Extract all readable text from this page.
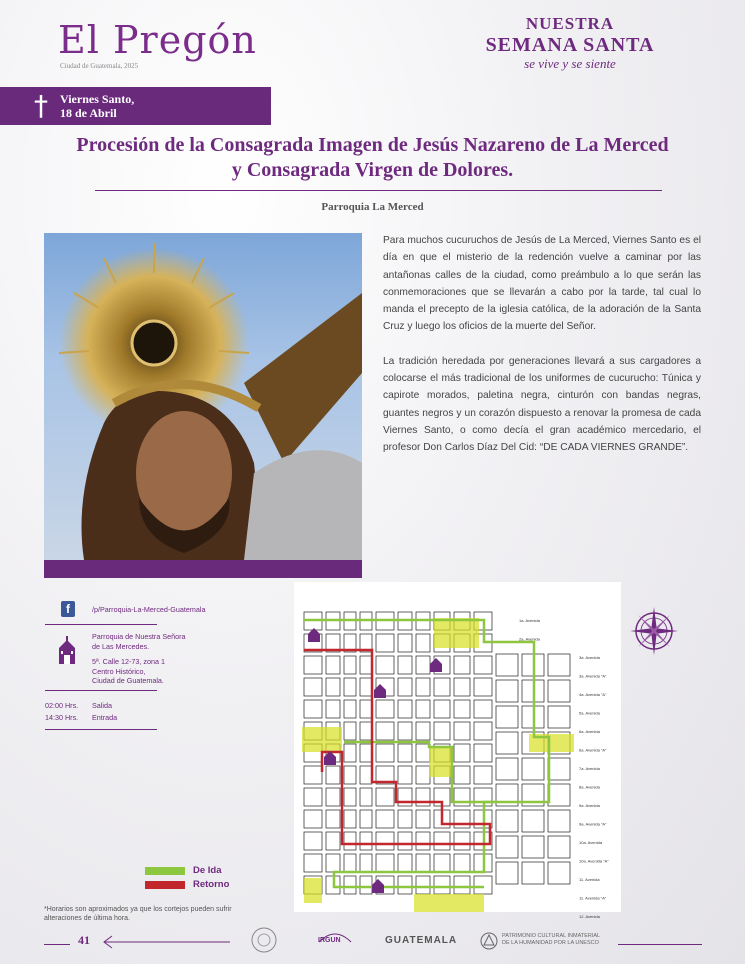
El Pregón
Ciudad de Guatemala, 2025
NUESTRA
SEMANA SANTA
se vive y se siente
† Viernes Santo,
18 de Abril
Procesión de la Consagrada Imagen de Jesús Nazareno de La Merced y Consagrada Virgen de Dolores.
Parroquia La Merced

Para muchos cucuruchos de Jesús de La Merced, Viernes Santo es el día en que el misterio de la redención vuelve a caminar por las antañonas calles de la ciudad, como preámbulo a lo que serán las conmemoraciones que se llevarán a cabo por la tarde, tal cual lo manda el precepto de la iglesia católica, de la adoración de la Santa Cruz y luego los oficios de la muerte del Señor.

La tradición heredada por generaciones llevará a sus cargadores a colocarse el más tradicional de los uniformes de cucurucho: Túnica y capirote morados, paletina negra, cinturón con bandas negras, guantes negros y un corazón dispuesto a renovar la promesa de cada Viernes Santo, o como decía el gran académico mercedario, el profesor Don Carlos Díaz Del Cid: “DE CADA VIERNES GRANDE”.

f	/p/Parroquia-La-Merced-Guatemala
Parroquia de Nuestra Señora
de Las Mercedes.
5ª. Calle 12-73, zona 1
Centro Histórico,
Ciudad de Guatemala.
02:00 Hrs. Salida
14:30 Hrs. Entrada
1a. Avenida
2a. Avenida
3a. Avenida
3a. Avenida "A"
4a. Avenida "A"
5a. Avenida
6a. Avenida
6a. Avenida "A"
7a. Avenida
8a. Avenida
9a. Avenida
9a. Avenida "A"
10a. Avenida
10a. Avenida "A"
11. Avenida
11. Avenida "A"
12. Avenida
De Ida
Retorno
*Horarios son aproximados ya que los cortejos pueden sufrir alteraciones de última hora.
41	IRGUN	GUATEMALA	PATRIMONIO CULTURAL INMATERIAL
DE LA HUMANIDAD POR LA UNESCO
